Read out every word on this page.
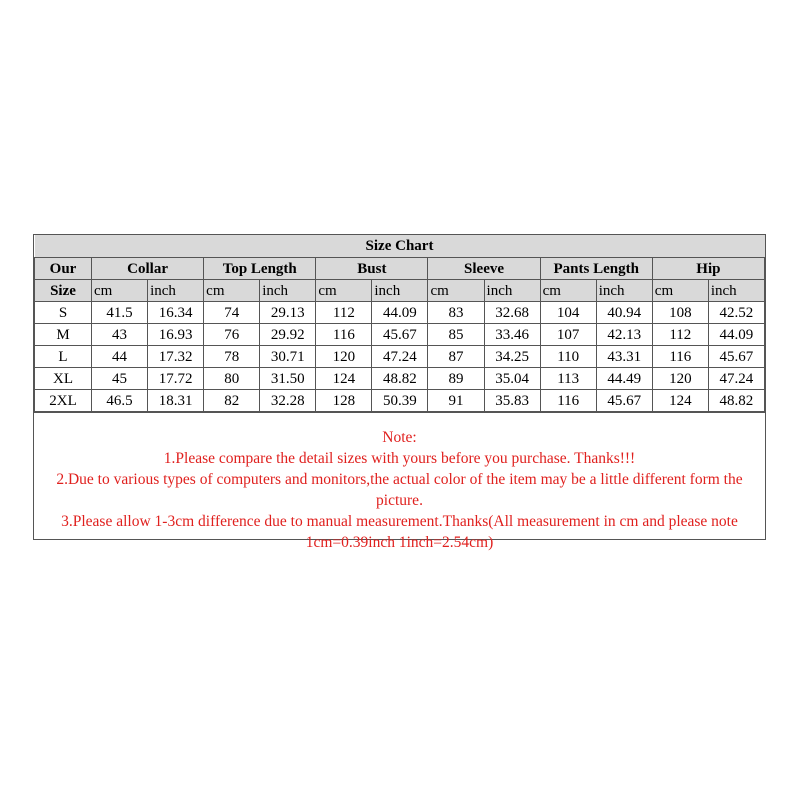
Size Chart												
Our	Collar		Top Length		Bust		Sleeve		Pants Length		Hip	
Size	cm	inch	cm	inch	cm	inch	cm	inch	cm	inch	cm	inch
S	41.5	16.34	74	29.13	112	44.09	83	32.68	104	40.94	108	42.52
M	43	16.93	76	29.92	116	45.67	85	33.46	107	42.13	112	44.09
L	44	17.32	78	30.71	120	47.24	87	34.25	110	43.31	116	45.67
XL	45	17.72	80	31.50	124	48.82	89	35.04	113	44.49	120	47.24
2XL	46.5	18.31	82	32.28	128	50.39	91	35.83	116	45.67	124	48.82
Note:
1.Please compare the detail sizes with yours before you purchase. Thanks!!!
2.Due to various types of computers and monitors,the actual color of the item may be a little different form the picture.
3.Please allow 1-3cm difference due to manual measurement.Thanks(All measurement in cm and please note 1cm=0.39inch 1inch=2.54cm)
